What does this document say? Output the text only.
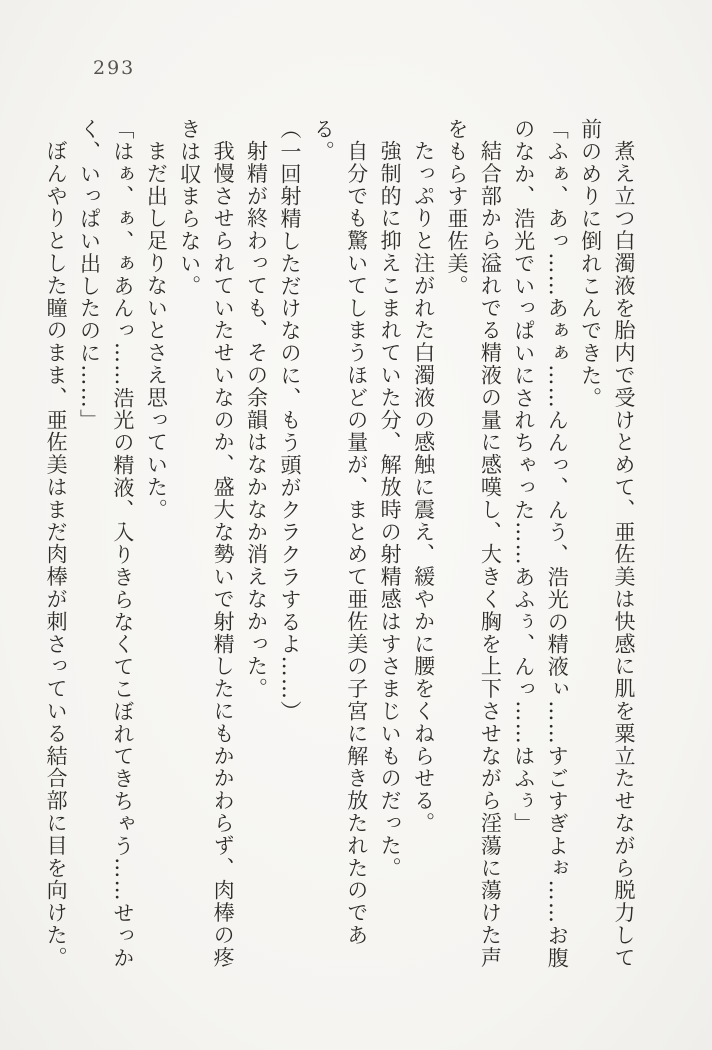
293

煮え立つ白濁液を胎内で受けとめて、亜佐美は快感に肌を粟立たせながら脱力して

前のめりに倒れこんできた。

「ふぁ、あっ……あぁぁ……んんっ、んう、浩光の精液ぃ……すごすぎよぉ……お腹

のなか、浩光でいっぱいにされちゃった……あふぅ、んっ……はふぅ」

結合部から溢れでる精液の量に感嘆し、大きく胸を上下させながら淫蕩に蕩けた声

をもらす亜佐美。

たっぷりと注がれた白濁液の感触に震え、緩やかに腰をくねらせる。

強制的に抑えこまれていた分、解放時の射精感はすさまじいものだった。

自分でも驚いてしまうほどの量が、まとめて亜佐美の子宮に解き放たれたのである。

（一回射精しただけなのに、もう頭がクラクラするよ……）

射精が終わっても、その余韻はなかなか消えなかった。

我慢させられていたせいなのか、盛大な勢いで射精したにもかかわらず、肉棒の疼

きは収まらない。

まだ出し足りないとさえ思っていた。

「はぁ、ぁ、ぁあんっ……浩光の精液、入りきらなくてこぼれてきちゃう……せっか

く、いっぱい出したのに……」

ぼんやりとした瞳のまま、亜佐美はまだ肉棒が刺さっている結合部に目を向けた。
